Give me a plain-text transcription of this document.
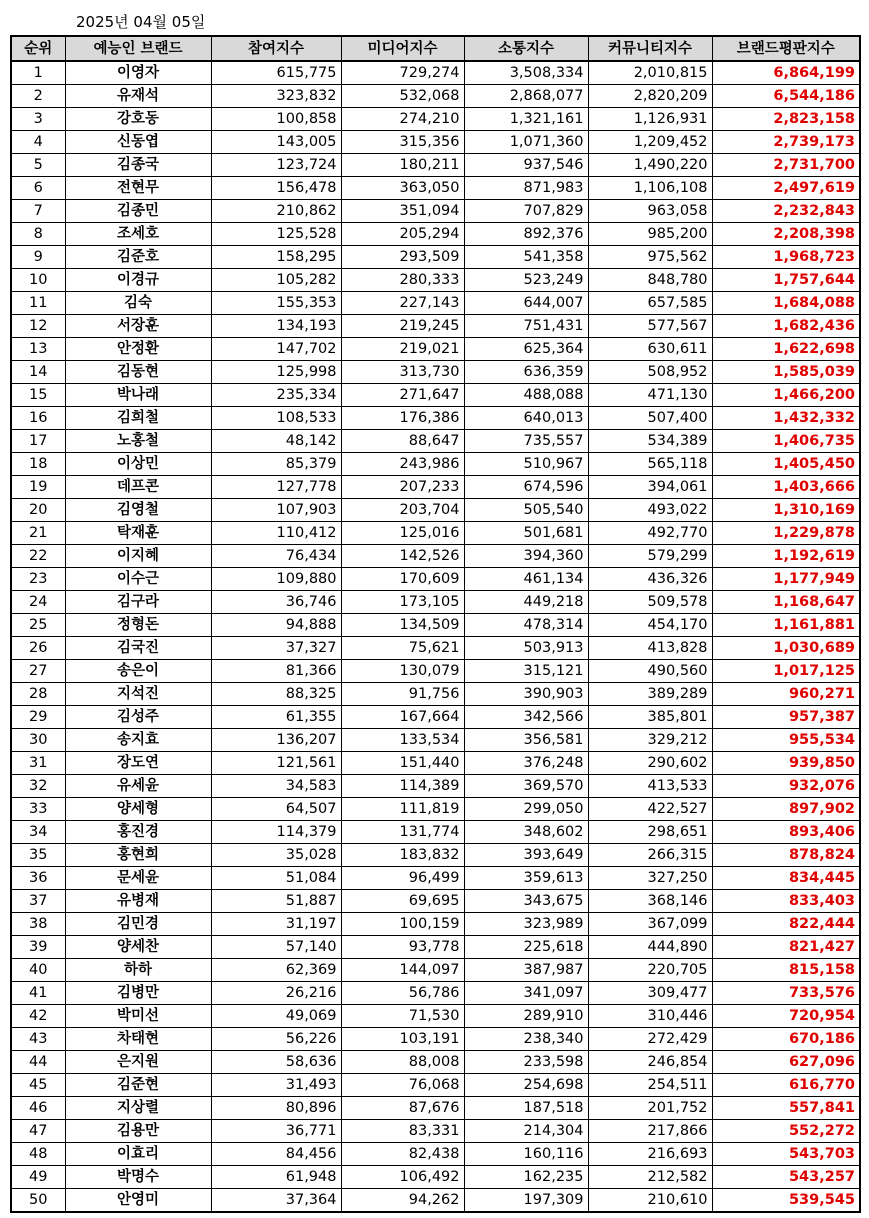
2025년 04월 05일
순위	예능인 브랜드	참여지수	미디어지수	소통지수	커뮤니티지수	브랜드평판지수
1	이영자	615,775	729,274	3,508,334	2,010,815	6,864,199
2	유재석	323,832	532,068	2,868,077	2,820,209	6,544,186
3	강호동	100,858	274,210	1,321,161	1,126,931	2,823,158
4	신동엽	143,005	315,356	1,071,360	1,209,452	2,739,173
5	김종국	123,724	180,211	937,546	1,490,220	2,731,700
6	전현무	156,478	363,050	871,983	1,106,108	2,497,619
7	김종민	210,862	351,094	707,829	963,058	2,232,843
8	조세호	125,528	205,294	892,376	985,200	2,208,398
9	김준호	158,295	293,509	541,358	975,562	1,968,723
10	이경규	105,282	280,333	523,249	848,780	1,757,644
11	김숙	155,353	227,143	644,007	657,585	1,684,088
12	서장훈	134,193	219,245	751,431	577,567	1,682,436
13	안정환	147,702	219,021	625,364	630,611	1,622,698
14	김동현	125,998	313,730	636,359	508,952	1,585,039
15	박나래	235,334	271,647	488,088	471,130	1,466,200
16	김희철	108,533	176,386	640,013	507,400	1,432,332
17	노홍철	48,142	88,647	735,557	534,389	1,406,735
18	이상민	85,379	243,986	510,967	565,118	1,405,450
19	데프콘	127,778	207,233	674,596	394,061	1,403,666
20	김영철	107,903	203,704	505,540	493,022	1,310,169
21	탁재훈	110,412	125,016	501,681	492,770	1,229,878
22	이지혜	76,434	142,526	394,360	579,299	1,192,619
23	이수근	109,880	170,609	461,134	436,326	1,177,949
24	김구라	36,746	173,105	449,218	509,578	1,168,647
25	정형돈	94,888	134,509	478,314	454,170	1,161,881
26	김국진	37,327	75,621	503,913	413,828	1,030,689
27	송은이	81,366	130,079	315,121	490,560	1,017,125
28	지석진	88,325	91,756	390,903	389,289	960,271
29	김성주	61,355	167,664	342,566	385,801	957,387
30	송지효	136,207	133,534	356,581	329,212	955,534
31	장도연	121,561	151,440	376,248	290,602	939,850
32	유세윤	34,583	114,389	369,570	413,533	932,076
33	양세형	64,507	111,819	299,050	422,527	897,902
34	홍진경	114,379	131,774	348,602	298,651	893,406
35	홍현희	35,028	183,832	393,649	266,315	878,824
36	문세윤	51,084	96,499	359,613	327,250	834,445
37	유병재	51,887	69,695	343,675	368,146	833,403
38	김민경	31,197	100,159	323,989	367,099	822,444
39	양세찬	57,140	93,778	225,618	444,890	821,427
40	하하	62,369	144,097	387,987	220,705	815,158
41	김병만	26,216	56,786	341,097	309,477	733,576
42	박미선	49,069	71,530	289,910	310,446	720,954
43	차태현	56,226	103,191	238,340	272,429	670,186
44	은지원	58,636	88,008	233,598	246,854	627,096
45	김준현	31,493	76,068	254,698	254,511	616,770
46	지상렬	80,896	87,676	187,518	201,752	557,841
47	김용만	36,771	83,331	214,304	217,866	552,272
48	이효리	84,456	82,438	160,116	216,693	543,703
49	박명수	61,948	106,492	162,235	212,582	543,257
50	안영미	37,364	94,262	197,309	210,610	539,545
